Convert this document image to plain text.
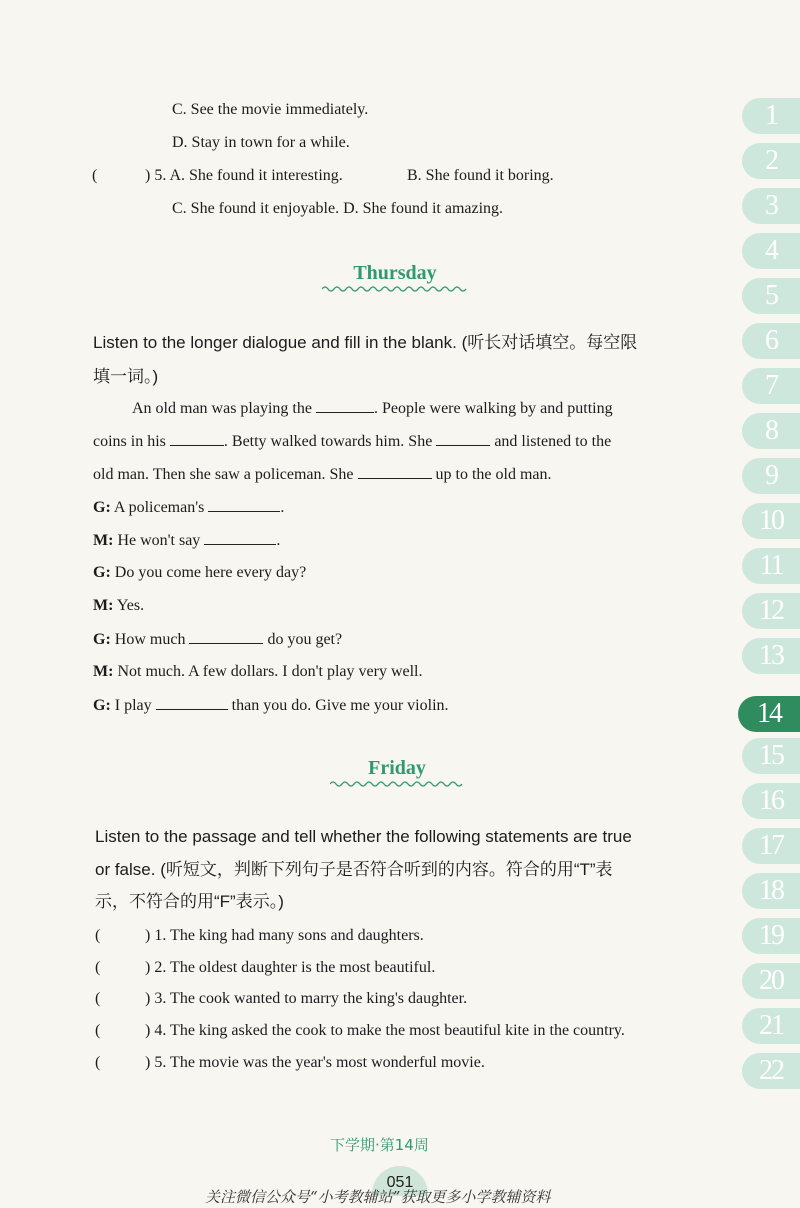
C. See the movie immediately.
D. Stay in town for a while.
(	) 5. A. She found it interesting.	B. She found it boring.
C. She found it enjoyable. D. She found it amazing.
Thursday
Listen to the longer dialogue and fill in the blank. (听长对话填空。每空限
填一词。)
An old man was playing the	. People were walking by and putting
coins in his	. Betty walked towards him. She	and listened to the
old man. Then she saw a policeman. She	up to the old man.
G: A policeman's	.
M: He won't say	.
G: Do you come here every day?
M: Yes.
G: How much	do you get?
M: Not much. A few dollars. I don't play very well.
G: I play	than you do. Give me your violin.
Friday
Listen to the passage and tell whether the following statements are true
or false. (听短文，判断下列句子是否符合听到的内容。符合的用“T”表
示，不符合的用“F”表示。)
(	) 1. The king had many sons and daughters.
(	) 2. The oldest daughter is the most beautiful.
(	) 3. The cook wanted to marry the king's daughter.
(	) 4. The king asked the cook to make the most beautiful kite in the country.
(	) 5. The movie was the year's most wonderful movie.
1
2
3
4
5
6
7
8
9
10
11
12
13
14
15
16
17
18
19
20
21
22
下学期·第14周
051
关注微信公众号“小考教辅站”获取更多小学教辅资料
